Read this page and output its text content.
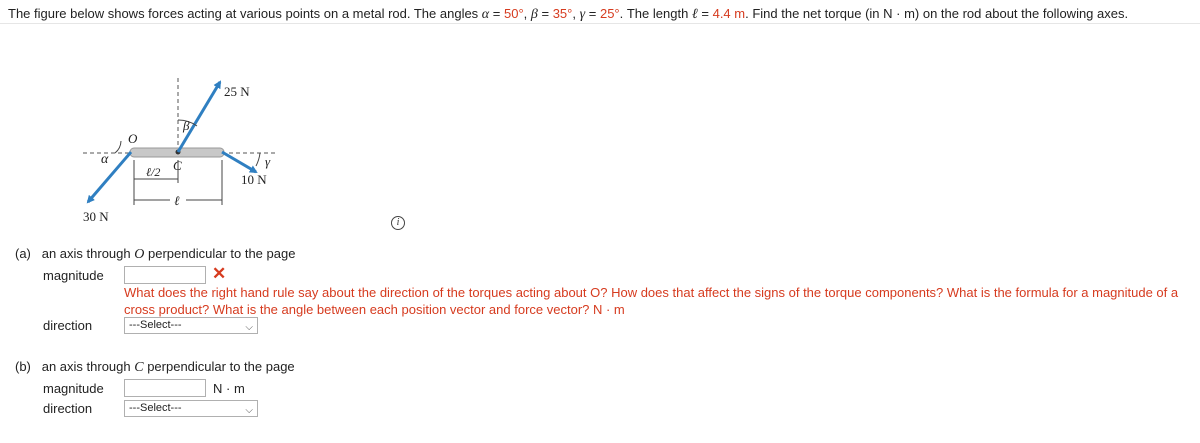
The figure below shows forces acting at various points on a metal rod. The angles α = 50°, β = 35°, γ = 25°. The length ℓ = 4.4 m. Find the net torque (in N · m) on the rod about the following axes.
25 N
10 N
30 N
O
C
α
β
γ
ℓ/2
ℓ
i
(a) an axis through O perpendicular to the page
magnitude	✕
What does the right hand rule say about the direction of the torques acting about O? How does that affect the signs of the torque components? What is the formula for a magnitude of a cross product? What is the angle between each position vector and force vector? N · m
direction	---Select---	⌵
(b) an axis through C perpendicular to the page
magnitude	N · m
direction	---Select---	⌵
